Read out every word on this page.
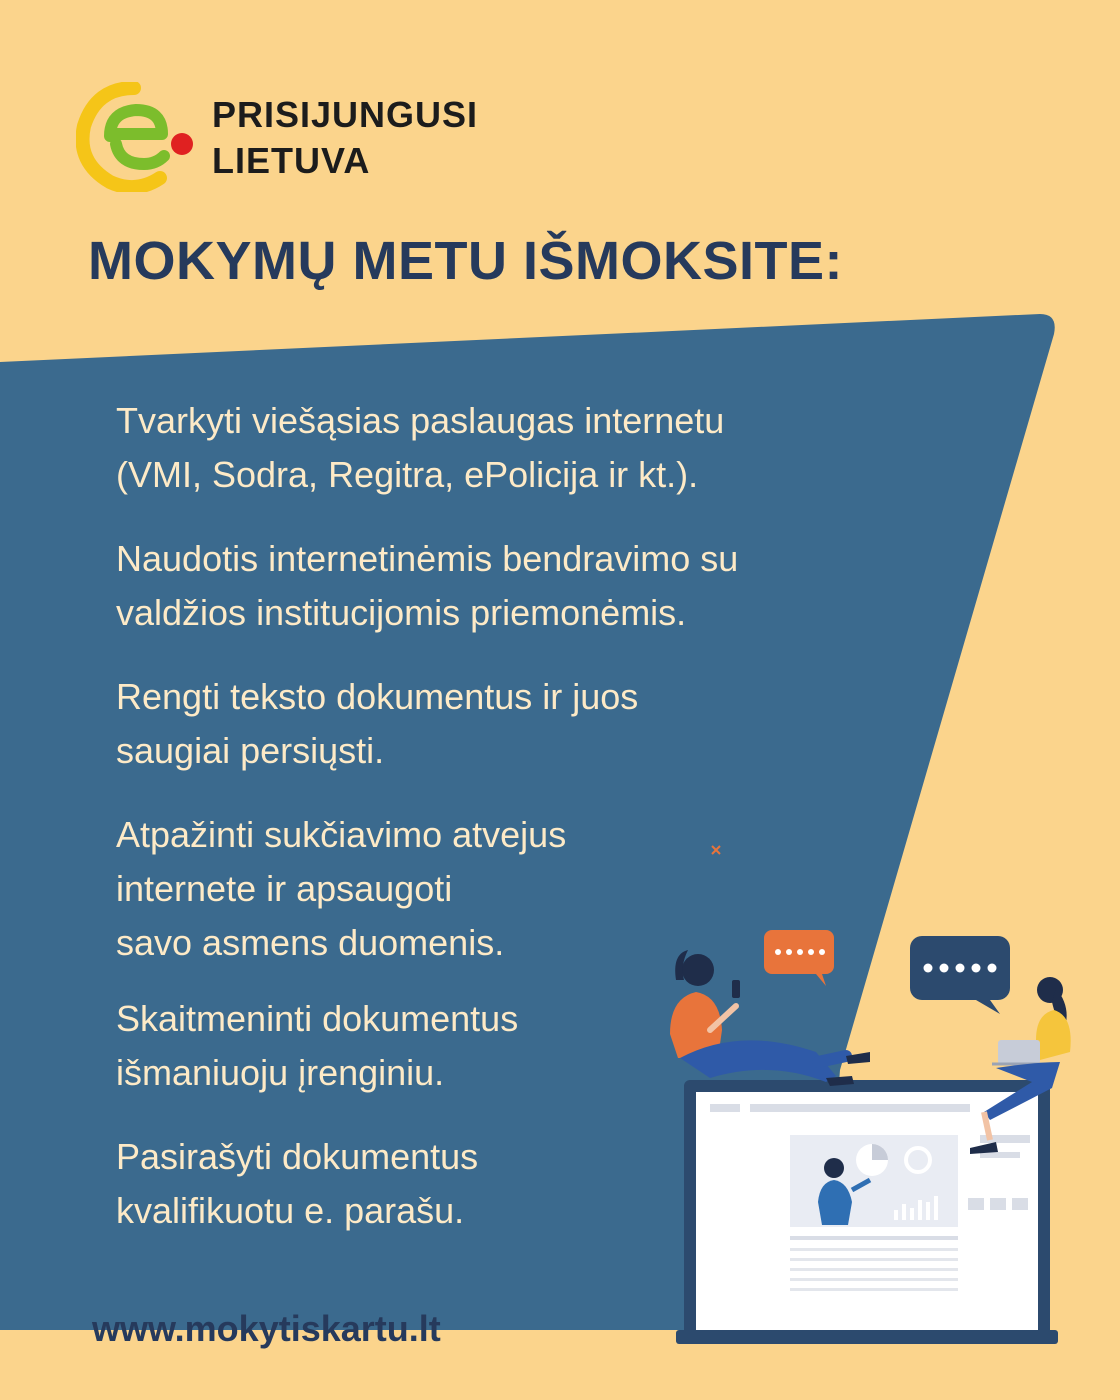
PRISIJUNGUSI
LIETUVA
MOKYMŲ METU IŠMOKSITE:
Tvarkyti viešąsias paslaugas internetu
(VMI, Sodra, Regitra, ePolicija ir kt.).
Naudotis internetinėmis bendravimo su
valdžios institucijomis priemonėmis.
Rengti teksto dokumentus ir juos
saugiai persiųsti.
Atpažinti sukčiavimo atvejus
internete ir apsaugoti
savo asmens duomenis.
Skaitmeninti dokumentus
išmaniuoju įrenginiu.
Pasirašyti dokumentus
kvalifikuotu e. parašu.
www.mokytiskartu.lt
